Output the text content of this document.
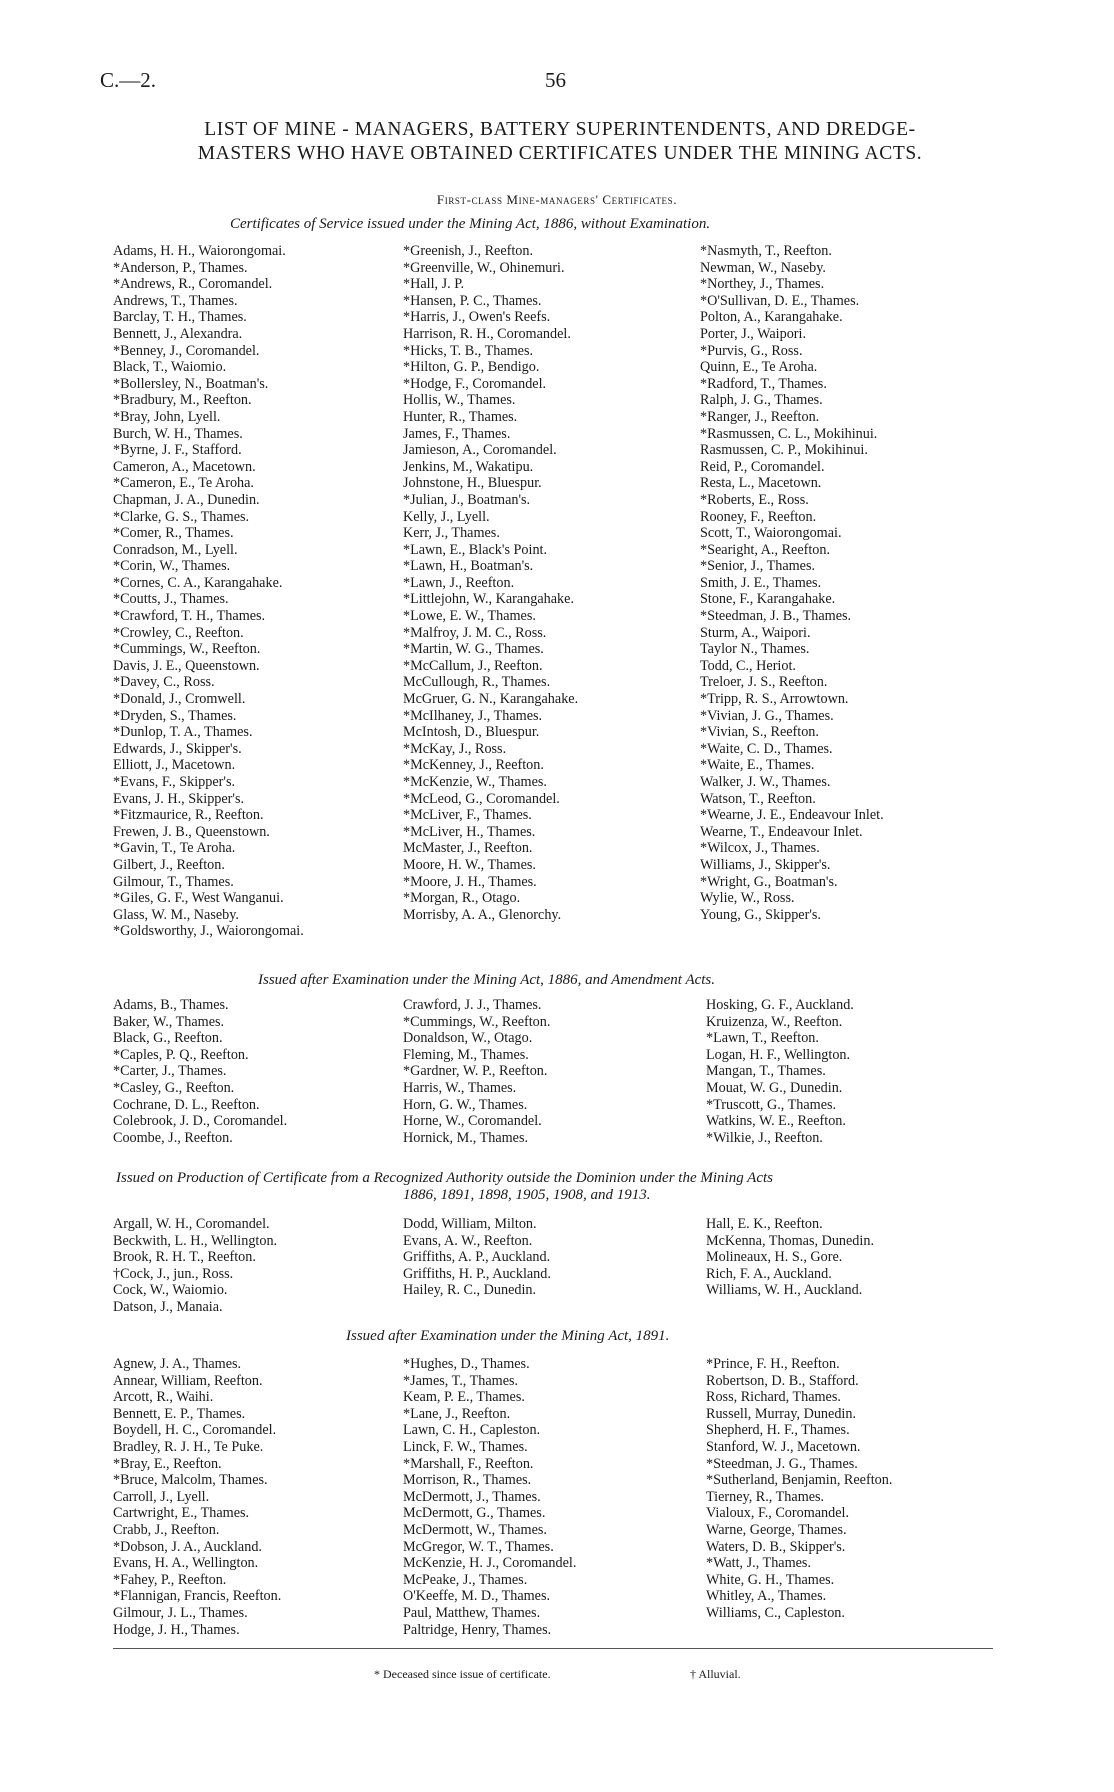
C.—2.	56
LIST OF MINE - MANAGERS, BATTERY SUPERINTENDENTS, AND DREDGE-
MASTERS WHO HAVE OBTAINED CERTIFICATES UNDER THE MINING ACTS.
First-class Mine-managers' Certificates.
Certificates of Service issued under the Mining Act, 1886, without Examination.
Adams, H. H., Waiorongomai.
*Anderson, P., Thames.
*Andrews, R., Coromandel.
Andrews, T., Thames.
Barclay, T. H., Thames.
Bennett, J., Alexandra.
*Benney, J., Coromandel.
Black, T., Waiomio.
*Bollersley, N., Boatman's.
*Bradbury, M., Reefton.
*Bray, John, Lyell.
Burch, W. H., Thames.
*Byrne, J. F., Stafford.
Cameron, A., Macetown.
*Cameron, E., Te Aroha.
Chapman, J. A., Dunedin.
*Clarke, G. S., Thames.
*Comer, R., Thames.
Conradson, M., Lyell.
*Corin, W., Thames.
*Cornes, C. A., Karangahake.
*Coutts, J., Thames.
*Crawford, T. H., Thames.
*Crowley, C., Reefton.
*Cummings, W., Reefton.
Davis, J. E., Queenstown.
*Davey, C., Ross.
*Donald, J., Cromwell.
*Dryden, S., Thames.
*Dunlop, T. A., Thames.
Edwards, J., Skipper's.
Elliott, J., Macetown.
*Evans, F., Skipper's.
Evans, J. H., Skipper's.
*Fitzmaurice, R., Reefton.
Frewen, J. B., Queenstown.
*Gavin, T., Te Aroha.
Gilbert, J., Reefton.
Gilmour, T., Thames.
*Giles, G. F., West Wanganui.
Glass, W. M., Naseby.
*Goldsworthy, J., Waiorongomai.
*Greenish, J., Reefton.
*Greenville, W., Ohinemuri.
*Hall, J. P.
*Hansen, P. C., Thames.
*Harris, J., Owen's Reefs.
Harrison, R. H., Coromandel.
*Hicks, T. B., Thames.
*Hilton, G. P., Bendigo.
*Hodge, F., Coromandel.
Hollis, W., Thames.
Hunter, R., Thames.
James, F., Thames.
Jamieson, A., Coromandel.
Jenkins, M., Wakatipu.
Johnstone, H., Bluespur.
*Julian, J., Boatman's.
Kelly, J., Lyell.
Kerr, J., Thames.
*Lawn, E., Black's Point.
*Lawn, H., Boatman's.
*Lawn, J., Reefton.
*Littlejohn, W., Karangahake.
*Lowe, E. W., Thames.
*Malfroy, J. M. C., Ross.
*Martin, W. G., Thames.
*McCallum, J., Reefton.
McCullough, R., Thames.
McGruer, G. N., Karangahake.
*McIlhaney, J., Thames.
McIntosh, D., Bluespur.
*McKay, J., Ross.
*McKenney, J., Reefton.
*McKenzie, W., Thames.
*McLeod, G., Coromandel.
*McLiver, F., Thames.
*McLiver, H., Thames.
McMaster, J., Reefton.
Moore, H. W., Thames.
*Moore, J. H., Thames.
*Morgan, R., Otago.
Morrisby, A. A., Glenorchy.
*Nasmyth, T., Reefton.
Newman, W., Naseby.
*Northey, J., Thames.
*O'Sullivan, D. E., Thames.
Polton, A., Karangahake.
Porter, J., Waipori.
*Purvis, G., Ross.
Quinn, E., Te Aroha.
*Radford, T., Thames.
Ralph, J. G., Thames.
*Ranger, J., Reefton.
*Rasmussen, C. L., Mokihinui.
Rasmussen, C. P., Mokihinui.
Reid, P., Coromandel.
Resta, L., Macetown.
*Roberts, E., Ross.
Rooney, F., Reefton.
Scott, T., Waiorongomai.
*Searight, A., Reefton.
*Senior, J., Thames.
Smith, J. E., Thames.
Stone, F., Karangahake.
*Steedman, J. B., Thames.
Sturm, A., Waipori.
Taylor N., Thames.
Todd, C., Heriot.
Treloer, J. S., Reefton.
*Tripp, R. S., Arrowtown.
*Vivian, J. G., Thames.
*Vivian, S., Reefton.
*Waite, C. D., Thames.
*Waite, E., Thames.
Walker, J. W., Thames.
Watson, T., Reefton.
*Wearne, J. E., Endeavour Inlet.
Wearne, T., Endeavour Inlet.
*Wilcox, J., Thames.
Williams, J., Skipper's.
*Wright, G., Boatman's.
Wylie, W., Ross.
Young, G., Skipper's.
Issued after Examination under the Mining Act, 1886, and Amendment Acts.
Adams, B., Thames.
Baker, W., Thames.
Black, G., Reefton.
*Caples, P. Q., Reefton.
*Carter, J., Thames.
*Casley, G., Reefton.
Cochrane, D. L., Reefton.
Colebrook, J. D., Coromandel.
Coombe, J., Reefton.
Crawford, J. J., Thames.
*Cummings, W., Reefton.
Donaldson, W., Otago.
Fleming, M., Thames.
*Gardner, W. P., Reefton.
Harris, W., Thames.
Horn, G. W., Thames.
Horne, W., Coromandel.
Hornick, M., Thames.
Hosking, G. F., Auckland.
Kruizenza, W., Reefton.
*Lawn, T., Reefton.
Logan, H. F., Wellington.
Mangan, T., Thames.
Mouat, W. G., Dunedin.
*Truscott, G., Thames.
Watkins, W. E., Reefton.
*Wilkie, J., Reefton.
Issued on Production of Certificate from a Recognized Authority outside the Dominion under the Mining Acts
1886, 1891, 1898, 1905, 1908, and 1913.
Argall, W. H., Coromandel.
Beckwith, L. H., Wellington.
Brook, R. H. T., Reefton.
†Cock, J., jun., Ross.
Cock, W., Waiomio.
Datson, J., Manaia.
Dodd, William, Milton.
Evans, A. W., Reefton.
Griffiths, A. P., Auckland.
Griffiths, H. P., Auckland.
Hailey, R. C., Dunedin.
Hall, E. K., Reefton.
McKenna, Thomas, Dunedin.
Molineaux, H. S., Gore.
Rich, F. A., Auckland.
Williams, W. H., Auckland.
Issued after Examination under the Mining Act, 1891.
Agnew, J. A., Thames.
Annear, William, Reefton.
Arcott, R., Waihi.
Bennett, E. P., Thames.
Boydell, H. C., Coromandel.
Bradley, R. J. H., Te Puke.
*Bray, E., Reefton.
*Bruce, Malcolm, Thames.
Carroll, J., Lyell.
Cartwright, E., Thames.
Crabb, J., Reefton.
*Dobson, J. A., Auckland.
Evans, H. A., Wellington.
*Fahey, P., Reefton.
*Flannigan, Francis, Reefton.
Gilmour, J. L., Thames.
Hodge, J. H., Thames.
*Hughes, D., Thames.
*James, T., Thames.
Keam, P. E., Thames.
*Lane, J., Reefton.
Lawn, C. H., Capleston.
Linck, F. W., Thames.
*Marshall, F., Reefton.
Morrison, R., Thames.
McDermott, J., Thames.
McDermott, G., Thames.
McDermott, W., Thames.
McGregor, W. T., Thames.
McKenzie, H. J., Coromandel.
McPeake, J., Thames.
O'Keeffe, M. D., Thames.
Paul, Matthew, Thames.
Paltridge, Henry, Thames.
*Prince, F. H., Reefton.
Robertson, D. B., Stafford.
Ross, Richard, Thames.
Russell, Murray, Dunedin.
Shepherd, H. F., Thames.
Stanford, W. J., Macetown.
*Steedman, J. G., Thames.
*Sutherland, Benjamin, Reefton.
Tierney, R., Thames.
Vialoux, F., Coromandel.
Warne, George, Thames.
Waters, D. B., Skipper's.
*Watt, J., Thames.
White, G. H., Thames.
Whitley, A., Thames.
Williams, C., Capleston.
* Deceased since issue of certificate.	† Alluvial.
